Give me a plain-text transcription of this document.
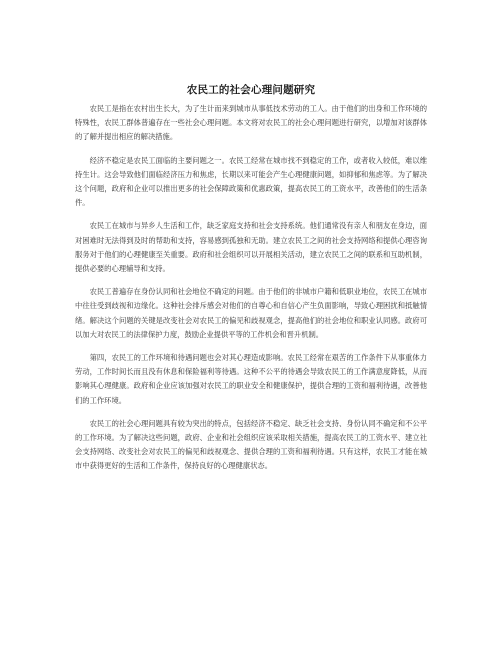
农民工的社会心理问题研究

农民工是指在农村出生长大，为了生计而来到城市从事低技术劳动的工人。由于他们的出身和工作环境的特殊性，农民工群体普遍存在一些社会心理问题。本文将对农民工的社会心理问题进行研究，以增加对该群体的了解并提出相应的解决措施。

经济不稳定是农民工面临的主要问题之一。农民工经常在城市找不到稳定的工作，或者收入较低，难以维持生计。这会导致他们面临经济压力和焦虑，长期以来可能会产生心理健康问题，如抑郁和焦虑等。为了解决这个问题，政府和企业可以推出更多的社会保障政策和优惠政策，提高农民工的工资水平，改善他们的生活条件。

农民工在城市与异乡人生活和工作，缺乏家庭支持和社会支持系统。他们通常没有亲人和朋友在身边，面对困难时无法得到及时的帮助和支持，容易感到孤独和无助。建立农民工之间的社会支持网络和提供心理咨询服务对于他们的心理健康至关重要。政府和社会组织可以开展相关活动，建立农民工之间的联系和互助机制，提供必要的心理辅导和支持。

农民工普遍存在身份认同和社会地位不确定的问题。由于他们的非城市户籍和低职业地位，农民工在城市中往往受到歧视和边缘化。这种社会排斥感会对他们的自尊心和自信心产生负面影响，导致心理困扰和抵触情绪。解决这个问题的关键是改变社会对农民工的偏见和歧视观念，提高他们的社会地位和职业认同感。政府可以加大对农民工的法律保护力度，鼓励企业提供平等的工作机会和晋升机制。

第四，农民工的工作环境和待遇问题也会对其心理造成影响。农民工经常在艰苦的工作条件下从事重体力劳动，工作时间长而且没有休息和保险福利等待遇。这种不公平的待遇会导致农民工的工作满意度降低，从而影响其心理健康。政府和企业应该加强对农民工的职业安全和健康保护，提供合理的工资和福利待遇，改善他们的工作环境。

农民工的社会心理问题具有较为突出的特点，包括经济不稳定、缺乏社会支持、身份认同不确定和不公平的工作环境。为了解决这些问题，政府、企业和社会组织应该采取相关措施，提高农民工的工资水平、建立社会支持网络、改变社会对农民工的偏见和歧视观念、提供合理的工资和福利待遇。只有这样，农民工才能在城市中获得更好的生活和工作条件，保持良好的心理健康状态。
